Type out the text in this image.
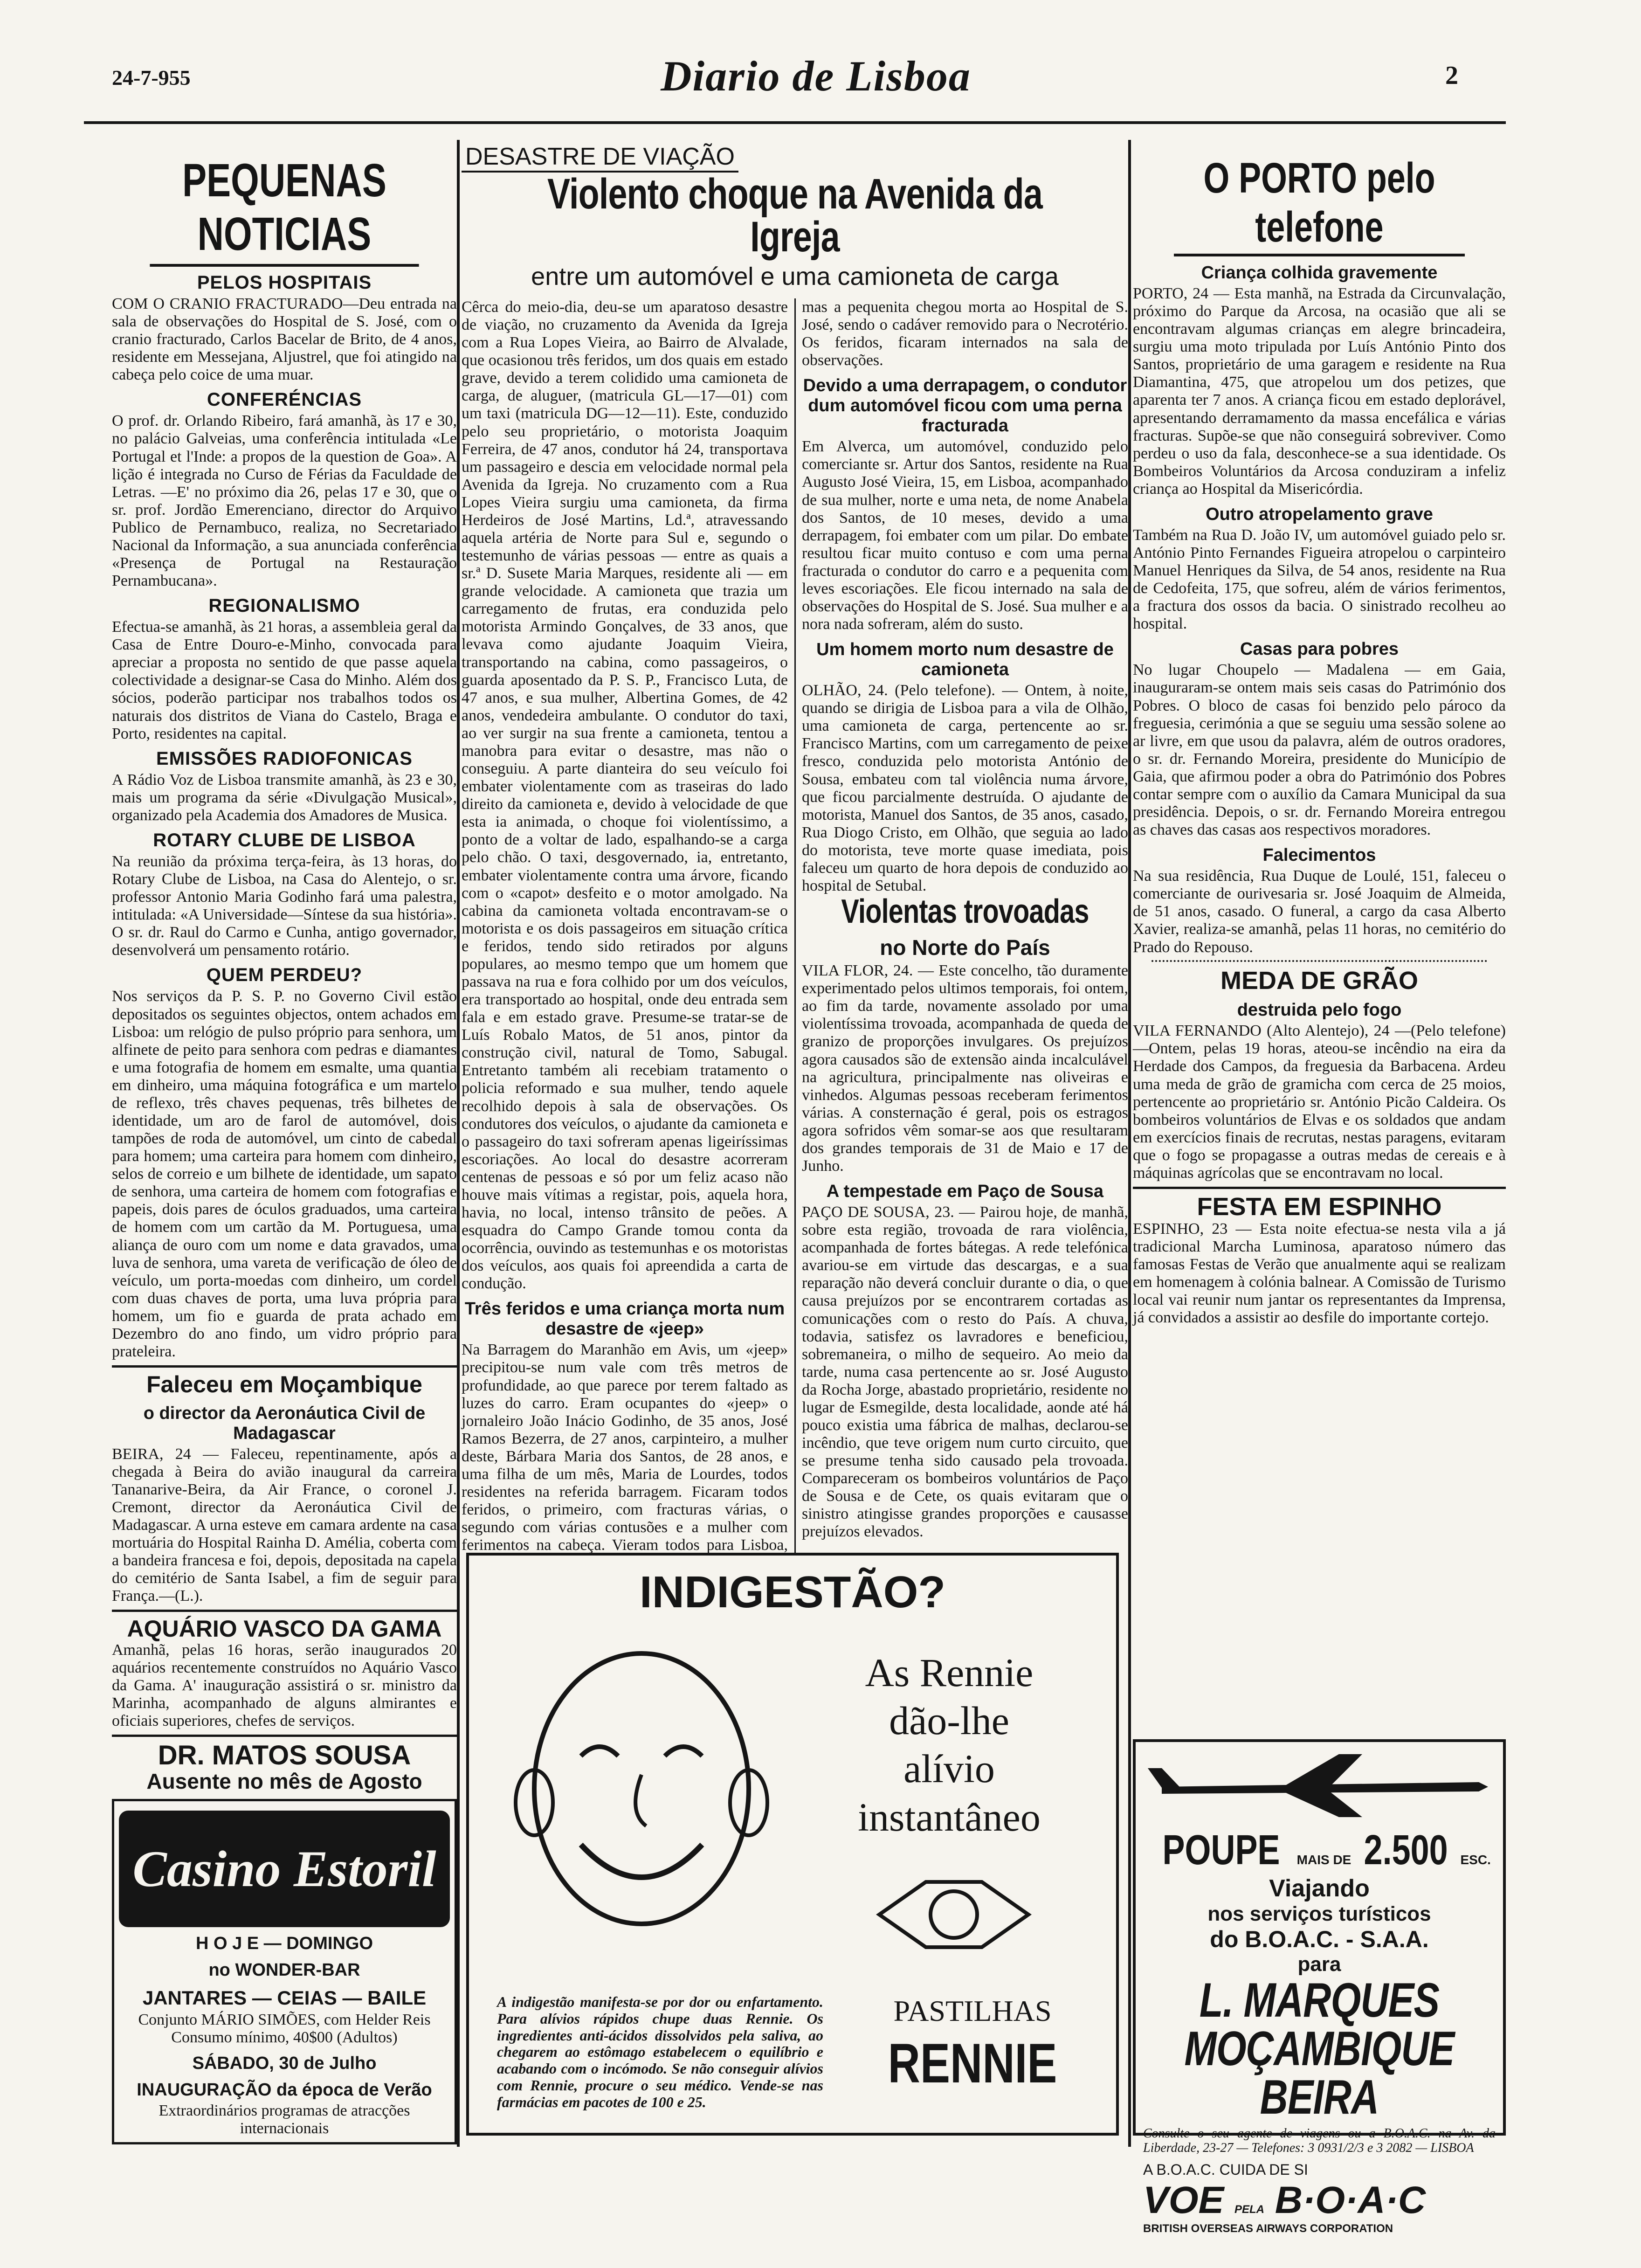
24-7-955	Diario de Lisboa	2
PEQUENAS NOTICIAS
PELOS HOSPITAIS

COM O CRANIO FRACTURADO—Deu entrada na sala de observações do Hospital de S. José, com o cranio fracturado, Carlos Bacelar de Brito, de 4 anos, residente em Messejana, Aljustrel, que foi atingido na cabeça pelo coice de uma muar.

CONFERÉNCIAS

O prof. dr. Orlando Ribeiro, fará amanhã, às 17 e 30, no palácio Galveias, uma conferência intitulada «Le Portugal et l'Inde: a propos de la question de Goa». A lição é integrada no Curso de Férias da Faculdade de Letras. —E' no próximo dia 26, pelas 17 e 30, que o sr. prof. Jordão Emerenciano, director do Arquivo Publico de Pernambuco, realiza, no Secretariado Nacional da Informação, a sua anunciada conferência «Presença de Portugal na Restauração Pernambucana».

REGIONALISMO

Efectua-se amanhã, às 21 horas, a assembleia geral da Casa de Entre Douro-e-Minho, convocada para apreciar a proposta no sentido de que passe aquela colectividade a designar-se Casa do Minho. Além dos sócios, poderão participar nos trabalhos todos os naturais dos distritos de Viana do Castelo, Braga e Porto, residentes na capital.

EMISSÕES RADIOFONICAS

A Rádio Voz de Lisboa transmite amanhã, às 23 e 30, mais um programa da série «Divulgação Musical», organizado pela Academia dos Amadores de Musica.

ROTARY CLUBE DE LISBOA

Na reunião da próxima terça-feira, às 13 horas, do Rotary Clube de Lisboa, na Casa do Alentejo, o sr. professor Antonio Maria Godinho fará uma palestra, intitulada: «A Universidade—Síntese da sua história». O sr. dr. Raul do Carmo e Cunha, antigo governador, desenvolverá um pensamento rotário.

QUEM PERDEU?

Nos serviços da P. S. P. no Governo Civil estão depositados os seguintes objectos, ontem achados em Lisboa: um relógio de pulso próprio para senhora, um alfinete de peito para senhora com pedras e diamantes e uma fotografia de homem em esmalte, uma quantia em dinheiro, uma máquina fotográfica e um martelo de reflexo, três chaves pequenas, três bilhetes de identidade, um aro de farol de automóvel, dois tampões de roda de automóvel, um cinto de cabedal para homem; uma carteira para homem com dinheiro, selos de correio e um bilhete de identidade, um sapato de senhora, uma carteira de homem com fotografias e papeis, dois pares de óculos graduados, uma carteira de homem com um cartão da M. Portuguesa, uma aliança de ouro com um nome e data gravados, uma luva de senhora, uma vareta de verificação de óleo de veículo, um porta-moedas com dinheiro, um cordel com duas chaves de porta, uma luva própria para homem, um fio e guarda de prata achado em Dezembro do ano findo, um vidro próprio para prateleira.

Faleceu em Moçambique
o director da Aeronáutica Civil de Madagascar

BEIRA, 24 — Faleceu, repentinamente, após a chegada à Beira do avião inaugural da carreira Tananarive-Beira, da Air France, o coronel J. Cremont, director da Aeronáutica Civil de Madagascar. A urna esteve em camara ardente na casa mortuária do Hospital Rainha D. Amélia, coberta com a bandeira francesa e foi, depois, depositada na capela do cemitério de Santa Isabel, a fim de seguir para França.—(L.).

AQUÁRIO VASCO DA GAMA

Amanhã, pelas 16 horas, serão inaugurados 20 aquários recentemente construídos no Aquário Vasco da Gama. A' inauguração assistirá o sr. ministro da Marinha, acompanhado de alguns almirantes e oficiais superiores, chefes de serviços.

DR. MATOS SOUSA
Ausente no mês de Agosto
Casino Estoril
H O J E — DOMINGO
no WONDER-BAR
JANTARES — CEIAS — BAILE
Conjunto MÁRIO SIMÕES, com Helder Reis
Consumo mínimo, 40$00 (Adultos)
SÁBADO, 30 de Julho
INAUGURAÇÃO da época de Verão
Extraordinários programas de atracções internacionais
DESASTRE DE VIAÇÃO
Violento choque na Avenida da Igreja
entre um automóvel e uma camioneta de carga

Cêrca do meio-dia, deu-se um aparatoso desastre de viação, no cruzamento da Avenida da Igreja com a Rua Lopes Vieira, ao Bairro de Alvalade, que ocasionou três feridos, um dos quais em estado grave, devido a terem colidido uma camioneta de carga, de aluguer, (matricula GL—17—01) com um taxi (matricula DG—12—11). Este, conduzido pelo seu proprietário, o motorista Joaquim Ferreira, de 47 anos, condutor há 24, transportava um passageiro e descia em velocidade normal pela Avenida da Igreja. No cruzamento com a Rua Lopes Vieira surgiu uma camioneta, da firma Herdeiros de José Martins, Ld.ª, atravessando aquela artéria de Norte para Sul e, segundo o testemunho de várias pessoas — entre as quais a sr.ª D. Susete Maria Marques, residente ali — em grande velocidade. A camioneta que trazia um carregamento de frutas, era conduzida pelo motorista Armindo Gonçalves, de 33 anos, que levava como ajudante Joaquim Vieira, transportando na cabina, como passageiros, o guarda aposentado da P. S. P., Francisco Luta, de 47 anos, e sua mulher, Albertina Gomes, de 42 anos, vendedeira ambulante. O condutor do taxi, ao ver surgir na sua frente a camioneta, tentou a manobra para evitar o desastre, mas não o conseguiu. A parte dianteira do seu veículo foi embater violentamente com as traseiras do lado direito da camioneta e, devido à velocidade de que esta ia animada, o choque foi violentíssimo, a ponto de a voltar de lado, espalhando-se a carga pelo chão. O taxi, desgovernado, ia, entretanto, embater violentamente contra uma árvore, ficando com o «capot» desfeito e o motor amolgado. Na cabina da camioneta voltada encontravam-se o motorista e os dois passageiros em situação crítica e feridos, tendo sido retirados por alguns populares, ao mesmo tempo que um homem que passava na rua e fora colhido por um dos veículos, era transportado ao hospital, onde deu entrada sem fala e em estado grave. Presume-se tratar-se de Luís Robalo Matos, de 51 anos, pintor da construção civil, natural de Tomo, Sabugal. Entretanto também ali recebiam tratamento o policia reformado e sua mulher, tendo aquele recolhido depois à sala de observações. Os condutores dos veículos, o ajudante da camioneta e o passageiro do taxi sofreram apenas ligeiríssimas escoriações. Ao local do desastre acorreram centenas de pessoas e só por um feliz acaso não houve mais vítimas a registar, pois, aquela hora, havia, no local, intenso trânsito de peões. A esquadra do Campo Grande tomou conta da ocorrência, ouvindo as testemunhas e os motoristas dos veículos, aos quais foi apreendida a carta de condução.

Três feridos e uma criança morta num desastre de «jeep»

Na Barragem do Maranhão em Avis, um «jeep» precipitou-se num vale com três metros de profundidade, ao que parece por terem faltado as luzes do carro. Eram ocupantes do «jeep» o jornaleiro João Inácio Godinho, de 35 anos, José Ramos Bezerra, de 27 anos, carpinteiro, a mulher deste, Bárbara Maria dos Santos, de 28 anos, e uma filha de um mês, Maria de Lourdes, todos residentes na referida barragem. Ficaram todos feridos, o primeiro, com fracturas várias, o segundo com várias contusões e a mulher com ferimentos na cabeça. Vieram todos para Lisboa, mas a pequenita chegou morta ao Hospital de S. José, sendo o cadáver removido para o Necrotério. Os feridos, ficaram internados na sala de observações.

Devido a uma derrapagem, o condutor dum automóvel ficou com uma perna fracturada

Em Alverca, um automóvel, conduzido pelo comerciante sr. Artur dos Santos, residente na Rua Augusto José Vieira, 15, em Lisboa, acompanhado de sua mulher, norte e uma neta, de nome Anabela dos Santos, de 10 meses, devido a uma derrapagem, foi embater com um pilar. Do embate resultou ficar muito contuso e com uma perna fracturada o condutor do carro e a pequenita com leves escoriações. Ele ficou internado na sala de observações do Hospital de S. José. Sua mulher e a nora nada sofreram, além do susto.

Um homem morto num desastre de camioneta

OLHÃO, 24. (Pelo telefone). — Ontem, à noite, quando se dirigia de Lisboa para a vila de Olhão, uma camioneta de carga, pertencente ao sr. Francisco Martins, com um carregamento de peixe fresco, conduzida pelo motorista António de Sousa, embateu com tal violência numa árvore, que ficou parcialmente destruída. O ajudante de motorista, Manuel dos Santos, de 35 anos, casado, Rua Diogo Cristo, em Olhão, que seguia ao lado do motorista, teve morte quase imediata, pois faleceu um quarto de hora depois de conduzido ao hospital de Setubal.

Violentas trovoadas
no Norte do País

VILA FLOR, 24. — Este concelho, tão duramente experimentado pelos ultimos temporais, foi ontem, ao fim da tarde, novamente assolado por uma violentíssima trovoada, acompanhada de queda de granizo de proporções invulgares. Os prejuízos agora causados são de extensão ainda incalculável na agricultura, principalmente nas oliveiras e vinhedos. Algumas pessoas receberam ferimentos várias. A consternação é geral, pois os estragos agora sofridos vêm somar-se aos que resultaram dos grandes temporais de 31 de Maio e 17 de Junho.

A tempestade em Paço de Sousa

PAÇO DE SOUSA, 23. — Pairou hoje, de manhã, sobre esta região, trovoada de rara violência, acompanhada de fortes bátegas. A rede telefónica avariou-se em virtude das descargas, e a sua reparação não deverá concluir durante o dia, o que causa prejuízos por se encontrarem cortadas as comunicações com o resto do País. A chuva, todavia, satisfez os lavradores e beneficiou, sobremaneira, o milho de sequeiro. Ao meio da tarde, numa casa pertencente ao sr. José Augusto da Rocha Jorge, abastado proprietário, residente no lugar de Esmegilde, desta localidade, aonde até há pouco existia uma fábrica de malhas, declarou-se incêndio, que teve origem num curto circuito, que se presume tenha sido causado pela trovoada. Compareceram os bombeiros voluntários de Paço de Sousa e de Cete, os quais evitaram que o sinistro atingisse grandes proporções e causasse prejuízos elevados.

INDIGESTÃO?
As Rennie
dão-lhe
alívio
instantâneo

A indigestão manifesta-se por dor ou enfartamento. Para alívios rápidos chupe duas Rennie. Os ingredientes anti-ácidos dissolvidos pela saliva, ao chegarem ao estômago estabelecem o equilíbrio e acabando com o incómodo. Se não conseguir alívios com Rennie, procure o seu médico. Vende-se nas farmácias em pacotes de 100 e 25.

PASTILHAS
RENNIE
O PORTO pelo telefone
Criança colhida gravemente

PORTO, 24 — Esta manhã, na Estrada da Circunvalação, próximo do Parque da Arcosa, na ocasião que ali se encontravam algumas crianças em alegre brincadeira, surgiu uma moto tripulada por Luís António Pinto dos Santos, proprietário de uma garagem e residente na Rua Diamantina, 475, que atropelou um dos petizes, que aparenta ter 7 anos. A criança ficou em estado deplorável, apresentando derramamento da massa encefálica e várias fracturas. Supõe-se que não conseguirá sobreviver. Como perdeu o uso da fala, desconhece-se a sua identidade. Os Bombeiros Voluntários da Arcosa conduziram a infeliz criança ao Hospital da Misericórdia.

Outro atropelamento grave

Também na Rua D. João IV, um automóvel guiado pelo sr. António Pinto Fernandes Figueira atropelou o carpinteiro Manuel Henriques da Silva, de 54 anos, residente na Rua de Cedofeita, 175, que sofreu, além de vários ferimentos, a fractura dos ossos da bacia. O sinistrado recolheu ao hospital.

Casas para pobres

No lugar Choupelo — Madalena — em Gaia, inauguraram-se ontem mais seis casas do Património dos Pobres. O bloco de casas foi benzido pelo pároco da freguesia, cerimónia a que se seguiu uma sessão solene ao ar livre, em que usou da palavra, além de outros oradores, o sr. dr. Fernando Moreira, presidente do Município de Gaia, que afirmou poder a obra do Património dos Pobres contar sempre com o auxílio da Camara Municipal da sua presidência. Depois, o sr. dr. Fernando Moreira entregou as chaves das casas aos respectivos moradores.

Falecimentos

Na sua residência, Rua Duque de Loulé, 151, faleceu o comerciante de ourivesaria sr. José Joaquim de Almeida, de 51 anos, casado. O funeral, a cargo da casa Alberto Xavier, realiza-se amanhã, pelas 11 horas, no cemitério do Prado do Repouso.

MEDA DE GRÃO
destruida pelo fogo

VILA FERNANDO (Alto Alentejo), 24 —(Pelo telefone)—Ontem, pelas 19 horas, ateou-se incêndio na eira da Herdade dos Campos, da freguesia da Barbacena. Ardeu uma meda de grão de gramicha com cerca de 25 moios, pertencente ao proprietário sr. António Picão Caldeira. Os bombeiros voluntários de Elvas e os soldados que andam em exercícios finais de recrutas, nestas paragens, evitaram que o fogo se propagasse a outras medas de cereais e à máquinas agrícolas que se encontravam no local.

FESTA EM ESPINHO

ESPINHO, 23 — Esta noite efectua-se nesta vila a já tradicional Marcha Luminosa, aparatoso número das famosas Festas de Verão que anualmente aqui se realizam em homenagem à colónia balnear. A Comissão de Turismo local vai reunir num jantar os representantes da Imprensa, já convidados a assistir ao desfile do importante cortejo.

POUPE MAIS DE 2.500 ESC.
Viajando
nos serviços turísticos
do B.O.A.C. - S.A.A.
para
L. MARQUES
MOÇAMBIQUE
BEIRA

Consulte o seu agente de viagens ou a B.O.A.C. na Av. da Liberdade, 23-27 — Telefones: 3 0931/2/3 e 3 2082 — LISBOA

A B.O.A.C. CUIDA DE SI
VOE PELA B·O·A·C
BRITISH OVERSEAS AIRWAYS CORPORATION
